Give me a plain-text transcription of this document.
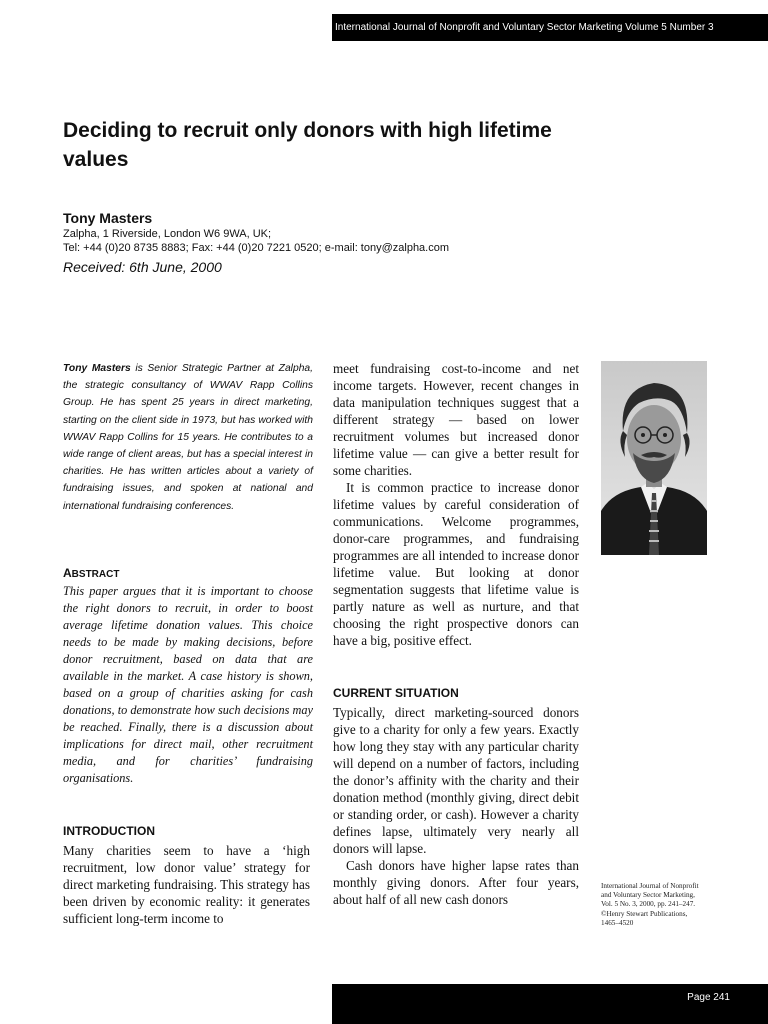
International Journal of Nonprofit and Voluntary Sector Marketing Volume 5 Number 3
Deciding to recruit only donors with high lifetime values
Tony Masters
Zalpha, 1 Riverside, London W6 9WA, UK;
Tel: +44 (0)20 8735 8883; Fax: +44 (0)20 7221 0520; e-mail: tony@zalpha.com
Received: 6th June, 2000

Tony Masters is Senior Strategic Partner at Zalpha, the strategic consultancy of WWAV Rapp Collins Group. He has spent 25 years in direct marketing, starting on the client side in 1973, but has worked with WWAV Rapp Collins for 15 years. He contributes to a wide range of client areas, but has a special interest in charities. He has written articles about a variety of fundraising issues, and spoken at national and international fundraising conferences.

ABSTRACT

This paper argues that it is important to choose the right donors to recruit, in order to boost average lifetime donation values. This choice needs to be made by making decisions, before donor recruitment, based on data that are available in the market. A case history is shown, based on a group of charities asking for cash donations, to demonstrate how such decisions may be reached. Finally, there is a discussion about implications for direct mail, other recruitment media, and for charities’ fundraising organisations.

INTRODUCTION

Many charities seem to have a ‘high recruitment, low donor value’ strategy for direct marketing fundraising. This strategy has been driven by economic reality: it generates sufficient long-term income to

meet fundraising cost-to-income and net income targets. However, recent changes in data manipulation techniques suggest that a different strategy — based on lower recruitment volumes but increased donor lifetime value — can give a better result for some charities.

It is common practice to increase donor lifetime values by careful consideration of communications. Welcome programmes, donor-care programmes, and fundraising programmes are all intended to increase donor lifetime value. But looking at donor segmentation suggests that lifetime value is partly nature as well as nurture, and that choosing the right prospective donors can have a big, positive effect.

CURRENT SITUATION

Typically, direct marketing-sourced donors give to a charity for only a few years. Exactly how long they stay with any particular charity will depend on a number of factors, including the donor’s affinity with the charity and their donation method (monthly giving, direct debit or standing order, or cash). However a charity defines lapse, ultimately very nearly all donors will lapse.

Cash donors have higher lapse rates than monthly giving donors. After four years, about half of all new cash donors

International Journal of Nonprofit
and Voluntary Sector Marketing,
Vol. 5 No. 3, 2000, pp. 241–247.
©Henry Stewart Publications,
1465–4520
Page 241
